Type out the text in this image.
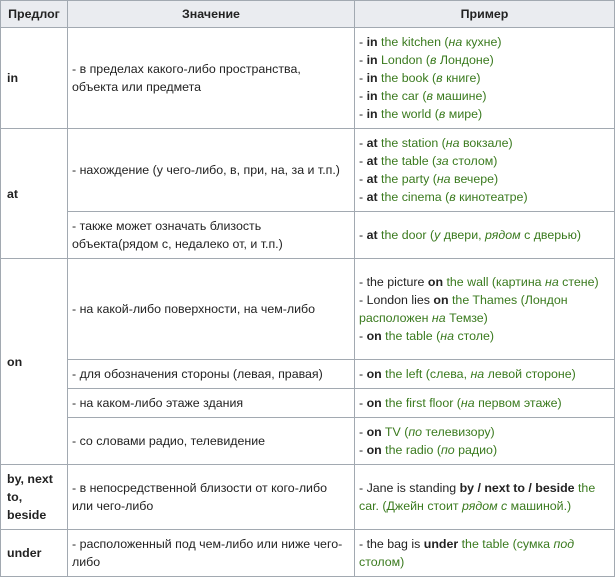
Предлог	Значение	Пример
in	- в пределах какого-либо пространства, объекта или предмета	- in the kitchen (на кухне)
- in London (в Лондоне)
- in the book (в книге)
- in the car (в машине)
- in the world (в мире)

at	- нахождение (у чего-либо, в, при, на, за и т.п.)	- at the station (на вокзале)
- at the table (за столом)
- at the party (на вечере)
- at the cinema (в кинотеатре)

	- также может означать близость объекта(рядом с, недалеко от, и т.п.)	- at the door (у двери, рядом с дверью)
on	- на какой-либо поверхности, на чем-либо	- the picture on the wall (картина на стене)
- London lies on the Thames (Лондон расположен на Темзе)
- on the table (на столе)

	- для обозначения стороны (левая, правая)	- on the left (слева, на левой стороне)

	- на каком-либо этаже здания	- on the first floor (на первом этаже)

	- со словами радио, телевидение	- on TV (по телевизору)
- on the radio (по радио)

by, next to, beside	- в непосредственной близости от кого-либо или чего-либо	- Jane is standing by / next to / beside the car. (Джейн стоит рядом с машиной.)
under	- расположенный под чем-либо или ниже чего-либо	- the bag is under the table (сумка под столом)
